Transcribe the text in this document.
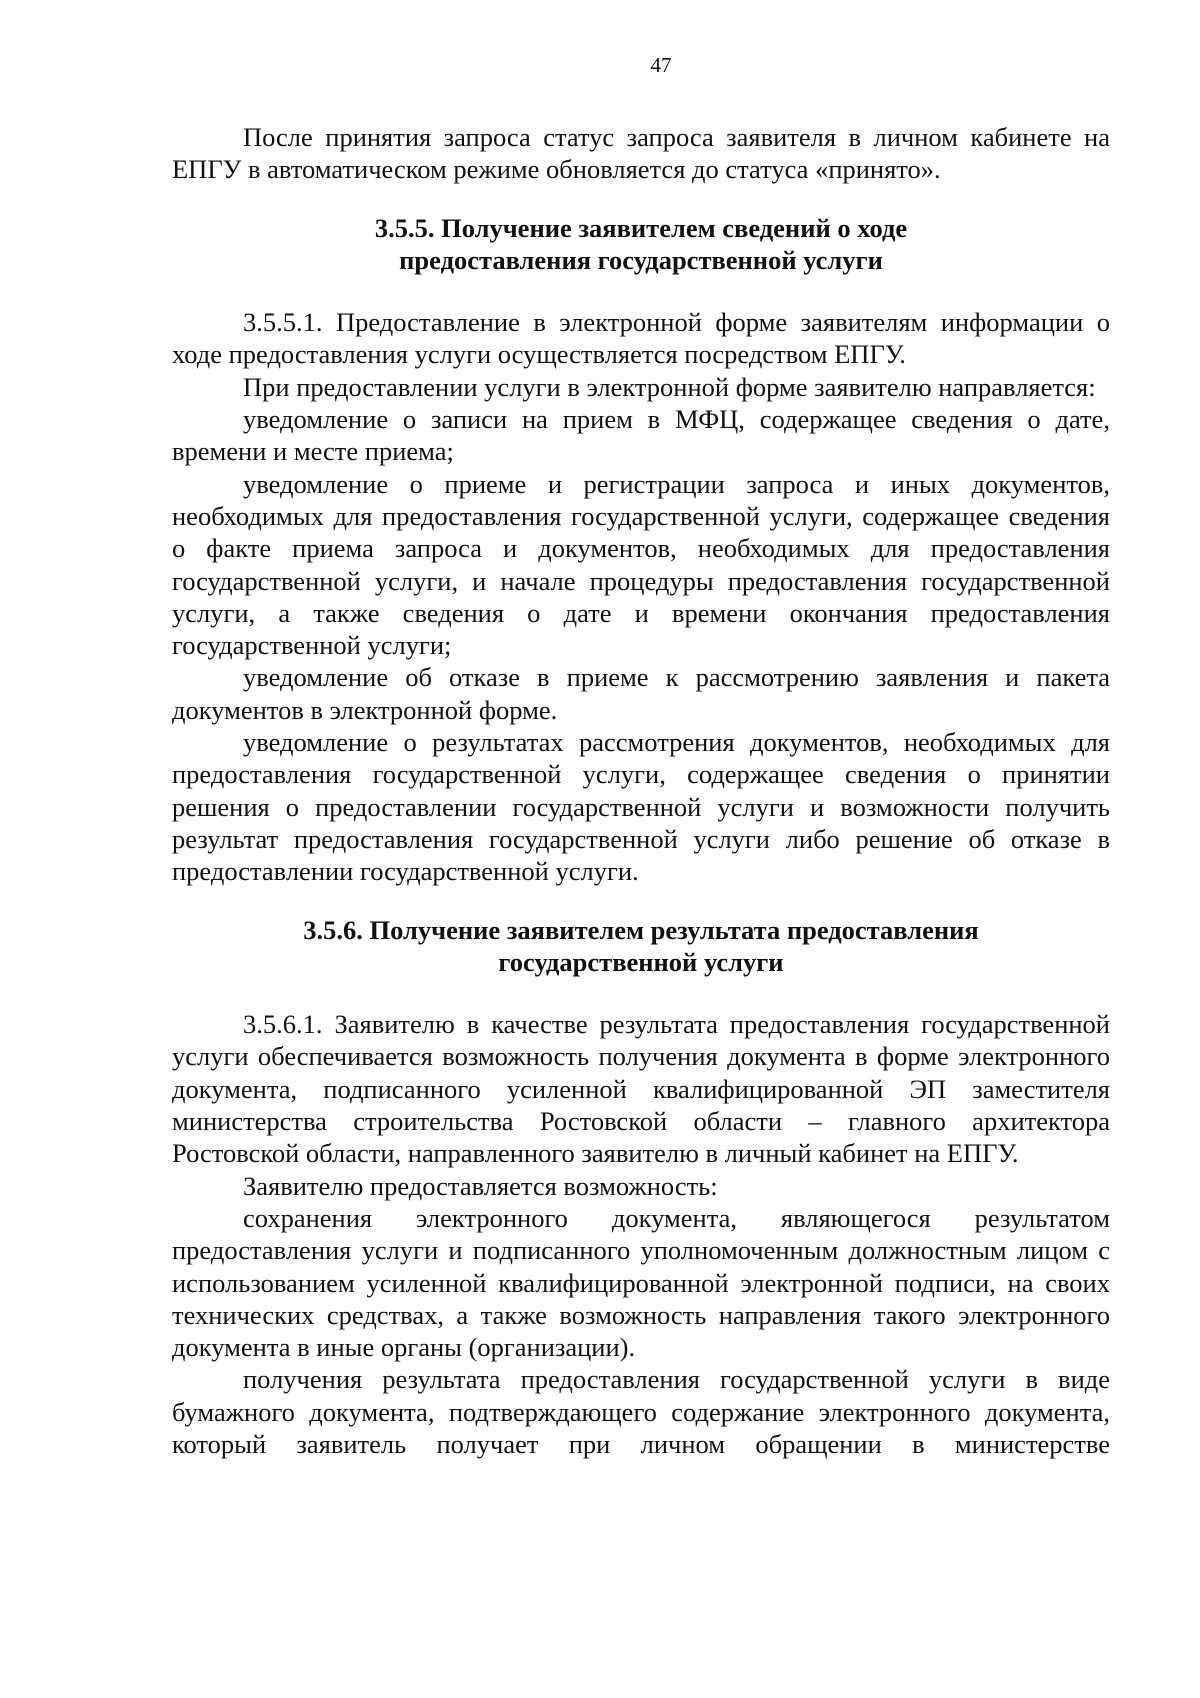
47

После принятия запроса статус запроса заявителя в личном кабинете на ЕПГУ в автоматическом режиме обновляется до статуса «принято».

3.5.5. Получение заявителем сведений о ходе
предоставления государственной услуги

3.5.5.1. Предоставление в электронной форме заявителям информации о ходе предоставления услуги осуществляется посредством ЕПГУ.

При предоставлении услуги в электронной форме заявителю направляется:

уведомление о записи на прием в МФЦ, содержащее сведения о дате, времени и месте приема;

уведомление о приеме и регистрации запроса и иных документов, необходимых для предоставления государственной услуги, содержащее сведения о факте приема запроса и документов, необходимых для предоставления государственной услуги, и начале процедуры предоставления государственной услуги, а также сведения о дате и времени окончания предоставления государственной услуги;

уведомление об отказе в приеме к рассмотрению заявления и пакета документов в электронной форме.

уведомление о результатах рассмотрения документов, необходимых для предоставления государственной услуги, содержащее сведения о принятии решения о предоставлении государственной услуги и возможности получить результат предоставления государственной услуги либо решение об отказе в предоставлении государственной услуги.

3.5.6. Получение заявителем результата предоставления
государственной услуги

3.5.6.1. Заявителю в качестве результата предоставления государственной услуги обеспечивается возможность получения документа в форме электронного документа, подписанного усиленной квалифицированной ЭП заместителя министерства строительства Ростовской области – главного архитектора Ростовской области, направленного заявителю в личный кабинет на ЕПГУ.

Заявителю предоставляется возможность:

сохранения электронного документа, являющегося результатом предоставления услуги и подписанного уполномоченным должностным лицом с использованием усиленной квалифицированной электронной подписи, на своих технических средствах, а также возможность направления такого электронного документа в иные органы (организации).

получения результата предоставления государственной услуги в виде бумажного документа, подтверждающего содержание электронного документа, который заявитель получает при личном обращении в министерстве
